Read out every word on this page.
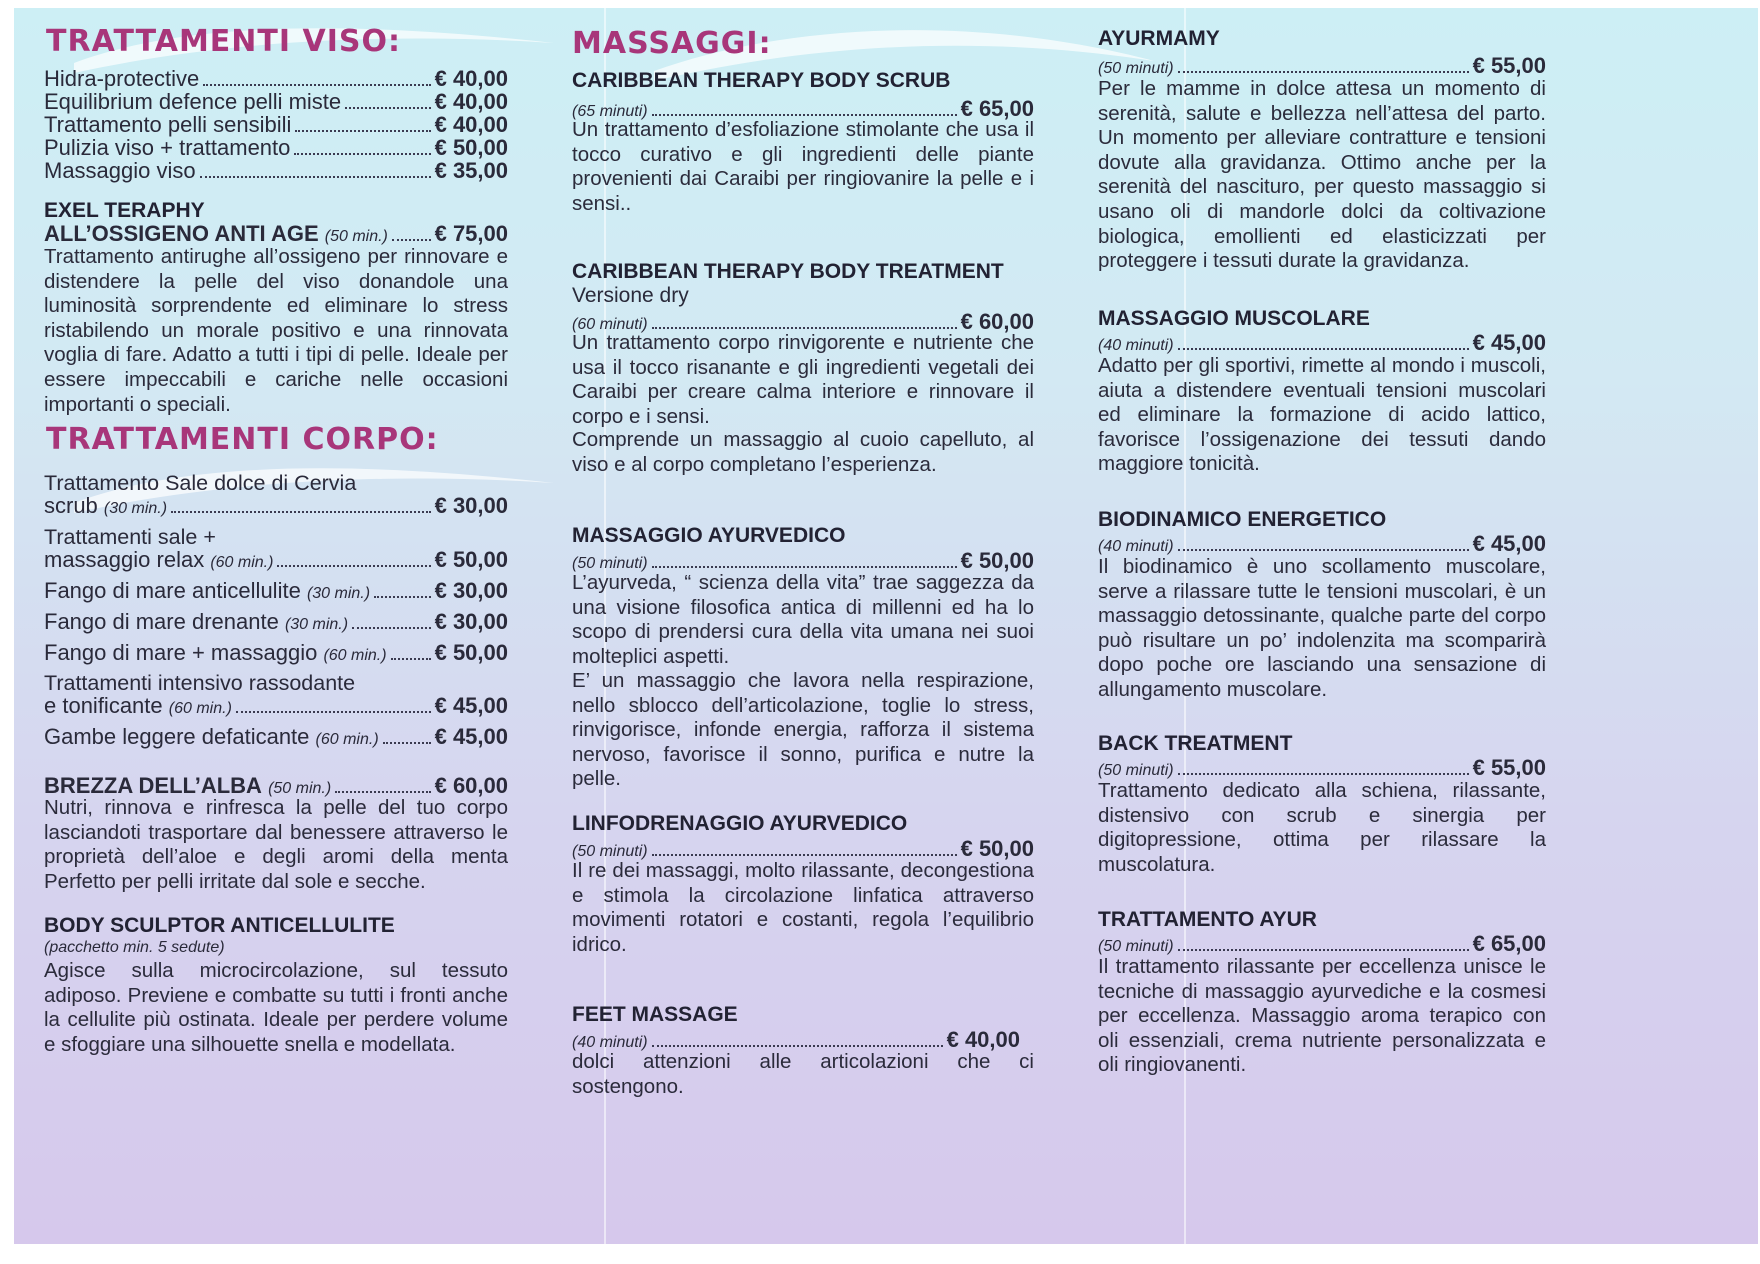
TRATTAMENTI VISO:
Hidra-protective	€ 40,00
Equilibrium defence pelli miste	€ 40,00
Trattamento pelli sensibili	€ 40,00
Pulizia viso + trattamento	€ 50,00
Massaggio viso	€ 35,00
EXEL TERAPHY
ALL’OSSIGENO ANTI AGE (50 min.) € 75,00
Trattamento antirughe all’ossigeno per rinnovare e distendere la pelle del viso donandole una luminosità sorprendente ed eliminare lo stress ristabilendo un morale positivo e una rinnovata voglia di fare. Adatto a tutti i tipi di pelle. Ideale per essere impeccabili e cariche nelle occasioni importanti o speciali.
TRATTAMENTI CORPO:
Trattamento Sale dolce di Cervia
scrub (30 min.)	€ 30,00
Trattamenti sale +
massaggio relax (60 min.)	€ 50,00
Fango di mare anticellulite (30 min.)	€ 30,00
Fango di mare drenante (30 min.)	€ 30,00
Fango di mare + massaggio (60 min.) € 50,00
Trattamenti intensivo rassodante
e tonificante (60 min.)	€ 45,00
Gambe leggere defaticante (60 min.)	€ 45,00
BREZZA DELL’ALBA (50 min.)	€ 60,00
Nutri, rinnova e rinfresca la pelle del tuo corpo lasciandoti trasportare dal benessere attraverso le proprietà dell’aloe e degli aromi della menta Perfetto per pelli irritate dal sole e secche.
BODY SCULPTOR ANTICELLULITE
(pacchetto min. 5 sedute)
Agisce sulla microcircolazione, sul tessuto adiposo. Previene e combatte su tutti i fronti anche la cellulite più ostinata. Ideale per perdere volume e sfoggiare una silhouette snella e modellata.
MASSAGGI:
CARIBBEAN THERAPY BODY SCRUB
(65 minuti)	€ 65,00
Un trattamento d’esfoliazione stimolante che usa il tocco curativo e gli ingredienti delle piante provenienti dai Caraibi per ringiovanire la pelle e i sensi..
CARIBBEAN THERAPY BODY TREATMENT
Versione dry
(60 minuti)	€ 60,00
Un trattamento corpo rinvigorente e nutriente che usa il tocco risanante e gli ingredienti vegetali dei Caraibi per creare calma interiore e rinnovare il corpo e i sensi.
Comprende un massaggio al cuoio capelluto, al viso e al corpo completano l’esperienza.
MASSAGGIO AYURVEDICO
(50 minuti)	€ 50,00
L’ayurveda, “ scienza della vita” trae saggezza da una visione filosofica antica di millenni ed ha lo scopo di prendersi cura della vita umana nei suoi molteplici aspetti.
E’ un massaggio che lavora nella respirazione, nello sblocco dell’articolazione, toglie lo stress, rinvigorisce, infonde energia, rafforza il sistema nervoso, favorisce il sonno, purifica e nutre la pelle.
LINFODRENAGGIO AYURVEDICO
(50 minuti)	€ 50,00
Il re dei massaggi, molto rilassante, decongestiona e stimola la circolazione linfatica attraverso movimenti rotatori e costanti, regola l’equilibrio idrico.
FEET MASSAGE
(40 minuti)	€ 40,00
dolci attenzioni alle articolazioni che ci sostengono.
AYURMAMY
(50 minuti)	€ 55,00
Per le mamme in dolce attesa un momento di serenità, salute e bellezza nell’attesa del parto. Un momento per alleviare contratture e tensioni dovute alla gravidanza. Ottimo anche per la serenità del nascituro, per questo massaggio si usano oli di mandorle dolci da coltivazione biologica, emollienti ed elasticizzati per proteggere i tessuti durate la gravidanza.
MASSAGGIO MUSCOLARE
(40 minuti)	€ 45,00
Adatto per gli sportivi, rimette al mondo i muscoli, aiuta a distendere eventuali tensioni muscolari ed eliminare la formazione di acido lattico, favorisce l’ossigenazione dei tessuti dando maggiore tonicità.
BIODINAMICO ENERGETICO
(40 minuti)	€ 45,00
Il biodinamico è uno scollamento muscolare, serve a rilassare tutte le tensioni muscolari, è un massaggio detossinante, qualche parte del corpo può risultare un po’ indolenzita ma scomparirà dopo poche ore lasciando una sensazione di allungamento muscolare.
BACK TREATMENT
(50 minuti)	€ 55,00
Trattamento dedicato alla schiena, rilassante, distensivo con scrub e sinergia per digitopressione, ottima per rilassare la muscolatura.
TRATTAMENTO AYUR
(50 minuti)	€ 65,00
Il trattamento rilassante per eccellenza unisce le tecniche di massaggio ayurvediche e la cosmesi per eccellenza. Massaggio aroma terapico con oli essenziali, crema nutriente personalizzata e oli ringiovanenti.
